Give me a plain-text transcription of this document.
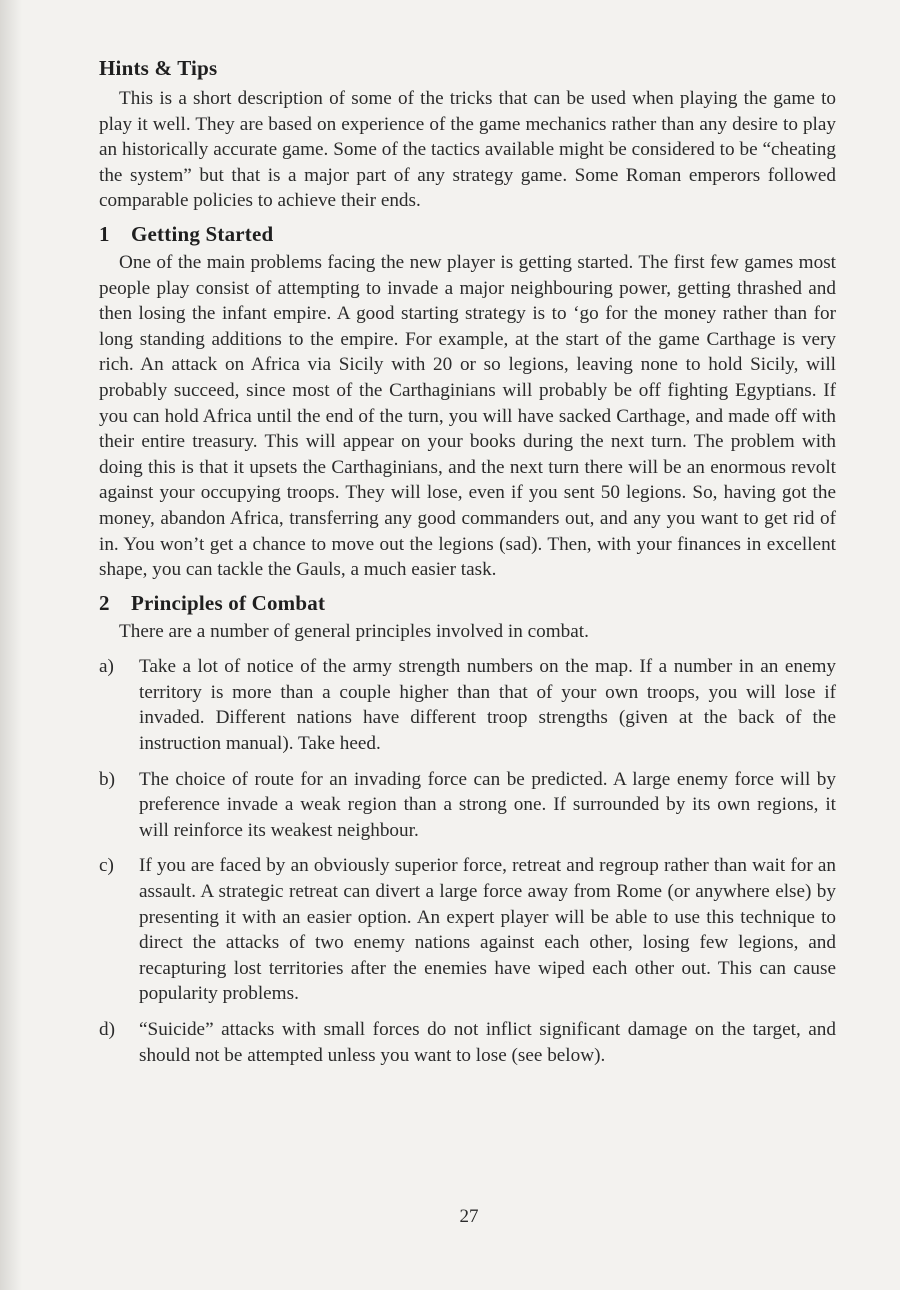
Hints & Tips

This is a short description of some of the tricks that can be used when playing the game to play it well. They are based on experience of the game mechanics rather than any desire to play an historically accurate game. Some of the tactics available might be considered to be “cheating the system” but that is a major part of any strategy game. Some Roman emperors followed comparable policies to achieve their ends.

1 Getting Started

One of the main problems facing the new player is getting started. The first few games most people play consist of attempting to invade a major neighbouring power, getting thrashed and then losing the infant empire. A good starting strategy is to ‘go for the money rather than for long standing additions to the empire. For example, at the start of the game Carthage is very rich. An attack on Africa via Sicily with 20 or so legions, leaving none to hold Sicily, will probably succeed, since most of the Carthaginians will probably be off fighting Egyptians. If you can hold Africa until the end of the turn, you will have sacked Carthage, and made off with their entire treasury. This will appear on your books during the next turn. The problem with doing this is that it upsets the Carthaginians, and the next turn there will be an enormous revolt against your occupying troops. They will lose, even if you sent 50 legions. So, having got the money, abandon Africa, transferring any good commanders out, and any you want to get rid of in. You won’t get a chance to move out the legions (sad). Then, with your finances in excellent shape, you can tackle the Gauls, a much easier task.

2 Principles of Combat

There are a number of general principles involved in combat.

a)	Take a lot of notice of the army strength numbers on the map. If a number in an enemy territory is more than a couple higher than that of your own troops, you will lose if invaded. Different nations have different troop strengths (given at the back of the instruction manual). Take heed.
b)	The choice of route for an invading force can be predicted. A large enemy force will by preference invade a weak region than a strong one. If surrounded by its own regions, it will reinforce its weakest neighbour.
c)	If you are faced by an obviously superior force, retreat and regroup rather than wait for an assault. A strategic retreat can divert a large force away from Rome (or anywhere else) by presenting it with an easier option. An expert player will be able to use this technique to direct the attacks of two enemy nations against each other, losing few legions, and recapturing lost territories after the enemies have wiped each other out. This can cause popularity problems.
d)	“Suicide” attacks with small forces do not inflict significant damage on the target, and should not be attempted unless you want to lose (see below).
27
